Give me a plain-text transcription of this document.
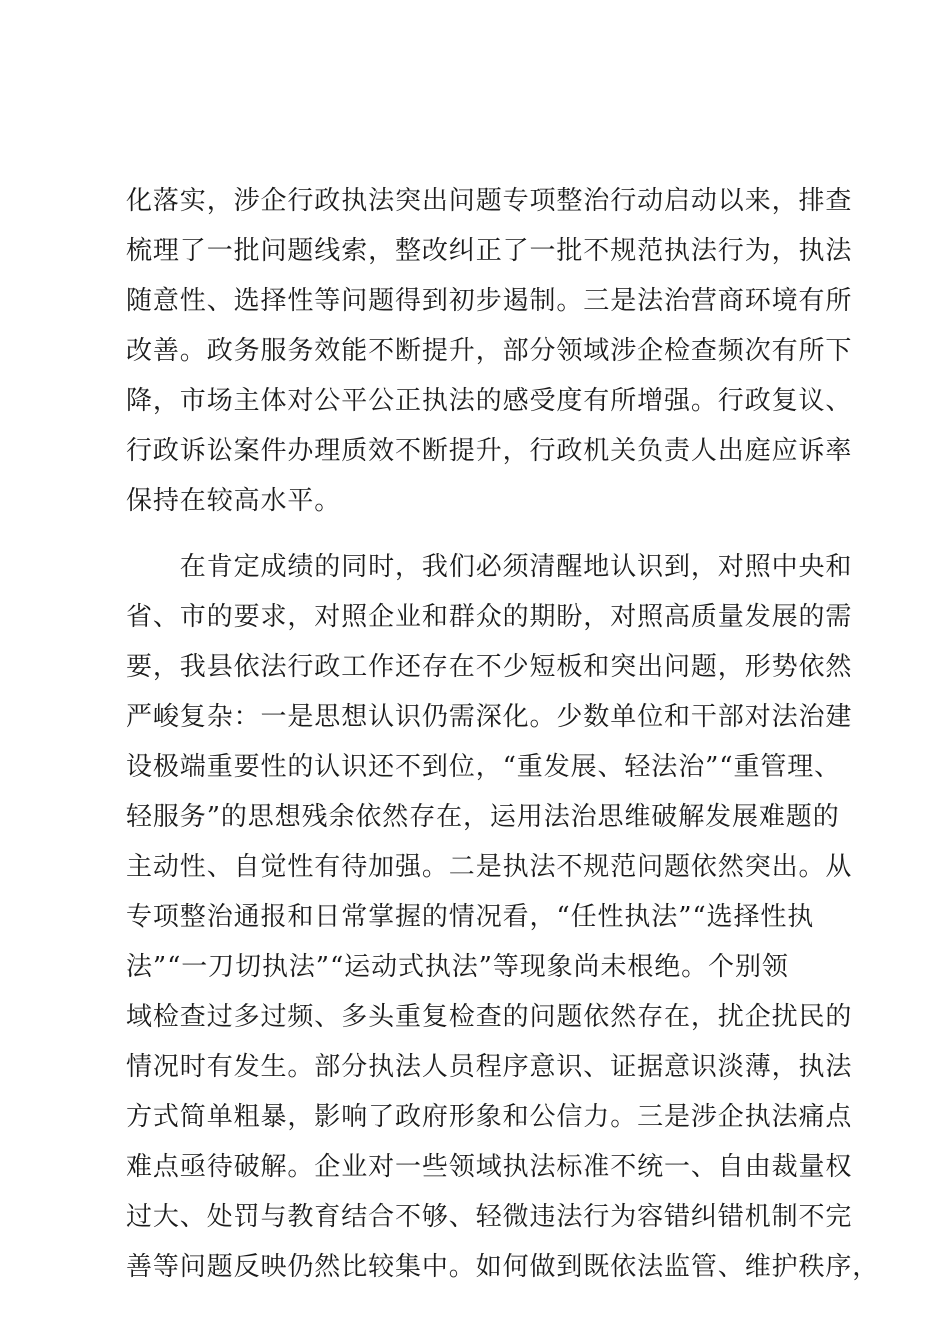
化落实，涉企行政执法突出问题专项整治行动启动以来，排查
梳理了一批问题线索，整改纠正了一批不规范执法行为，执法
随意性、选择性等问题得到初步遏制。三是法治营商环境有所
改善。政务服务效能不断提升，部分领域涉企检查频次有所下
降，市场主体对公平公正执法的感受度有所增强。行政复议、
行政诉讼案件办理质效不断提升，行政机关负责人出庭应诉率
保持在较高水平。
　　在肯定成绩的同时，我们必须清醒地认识到，对照中央和
省、市的要求，对照企业和群众的期盼，对照高质量发展的需
要，我县依法行政工作还存在不少短板和突出问题，形势依然
严峻复杂：一是思想认识仍需深化。少数单位和干部对法治建
设极端重要性的认识还不到位，“重发展、轻法治”“重管理、
轻服务”的思想残余依然存在，运用法治思维破解发展难题的
主动性、自觉性有待加强。二是执法不规范问题依然突出。从
专项整治通报和日常掌握的情况看，“任性执法”“选择性执
法”“一刀切执法”“运动式执法”等现象尚未根绝。个别领
域检查过多过频、多头重复检查的问题依然存在，扰企扰民的
情况时有发生。部分执法人员程序意识、证据意识淡薄，执法
方式简单粗暴，影响了政府形象和公信力。三是涉企执法痛点
难点亟待破解。企业对一些领域执法标准不统一、自由裁量权
过大、处罚与教育结合不够、轻微违法行为容错纠错机制不完
善等问题反映仍然比较集中。如何做到既依法监管、维护秩序，
